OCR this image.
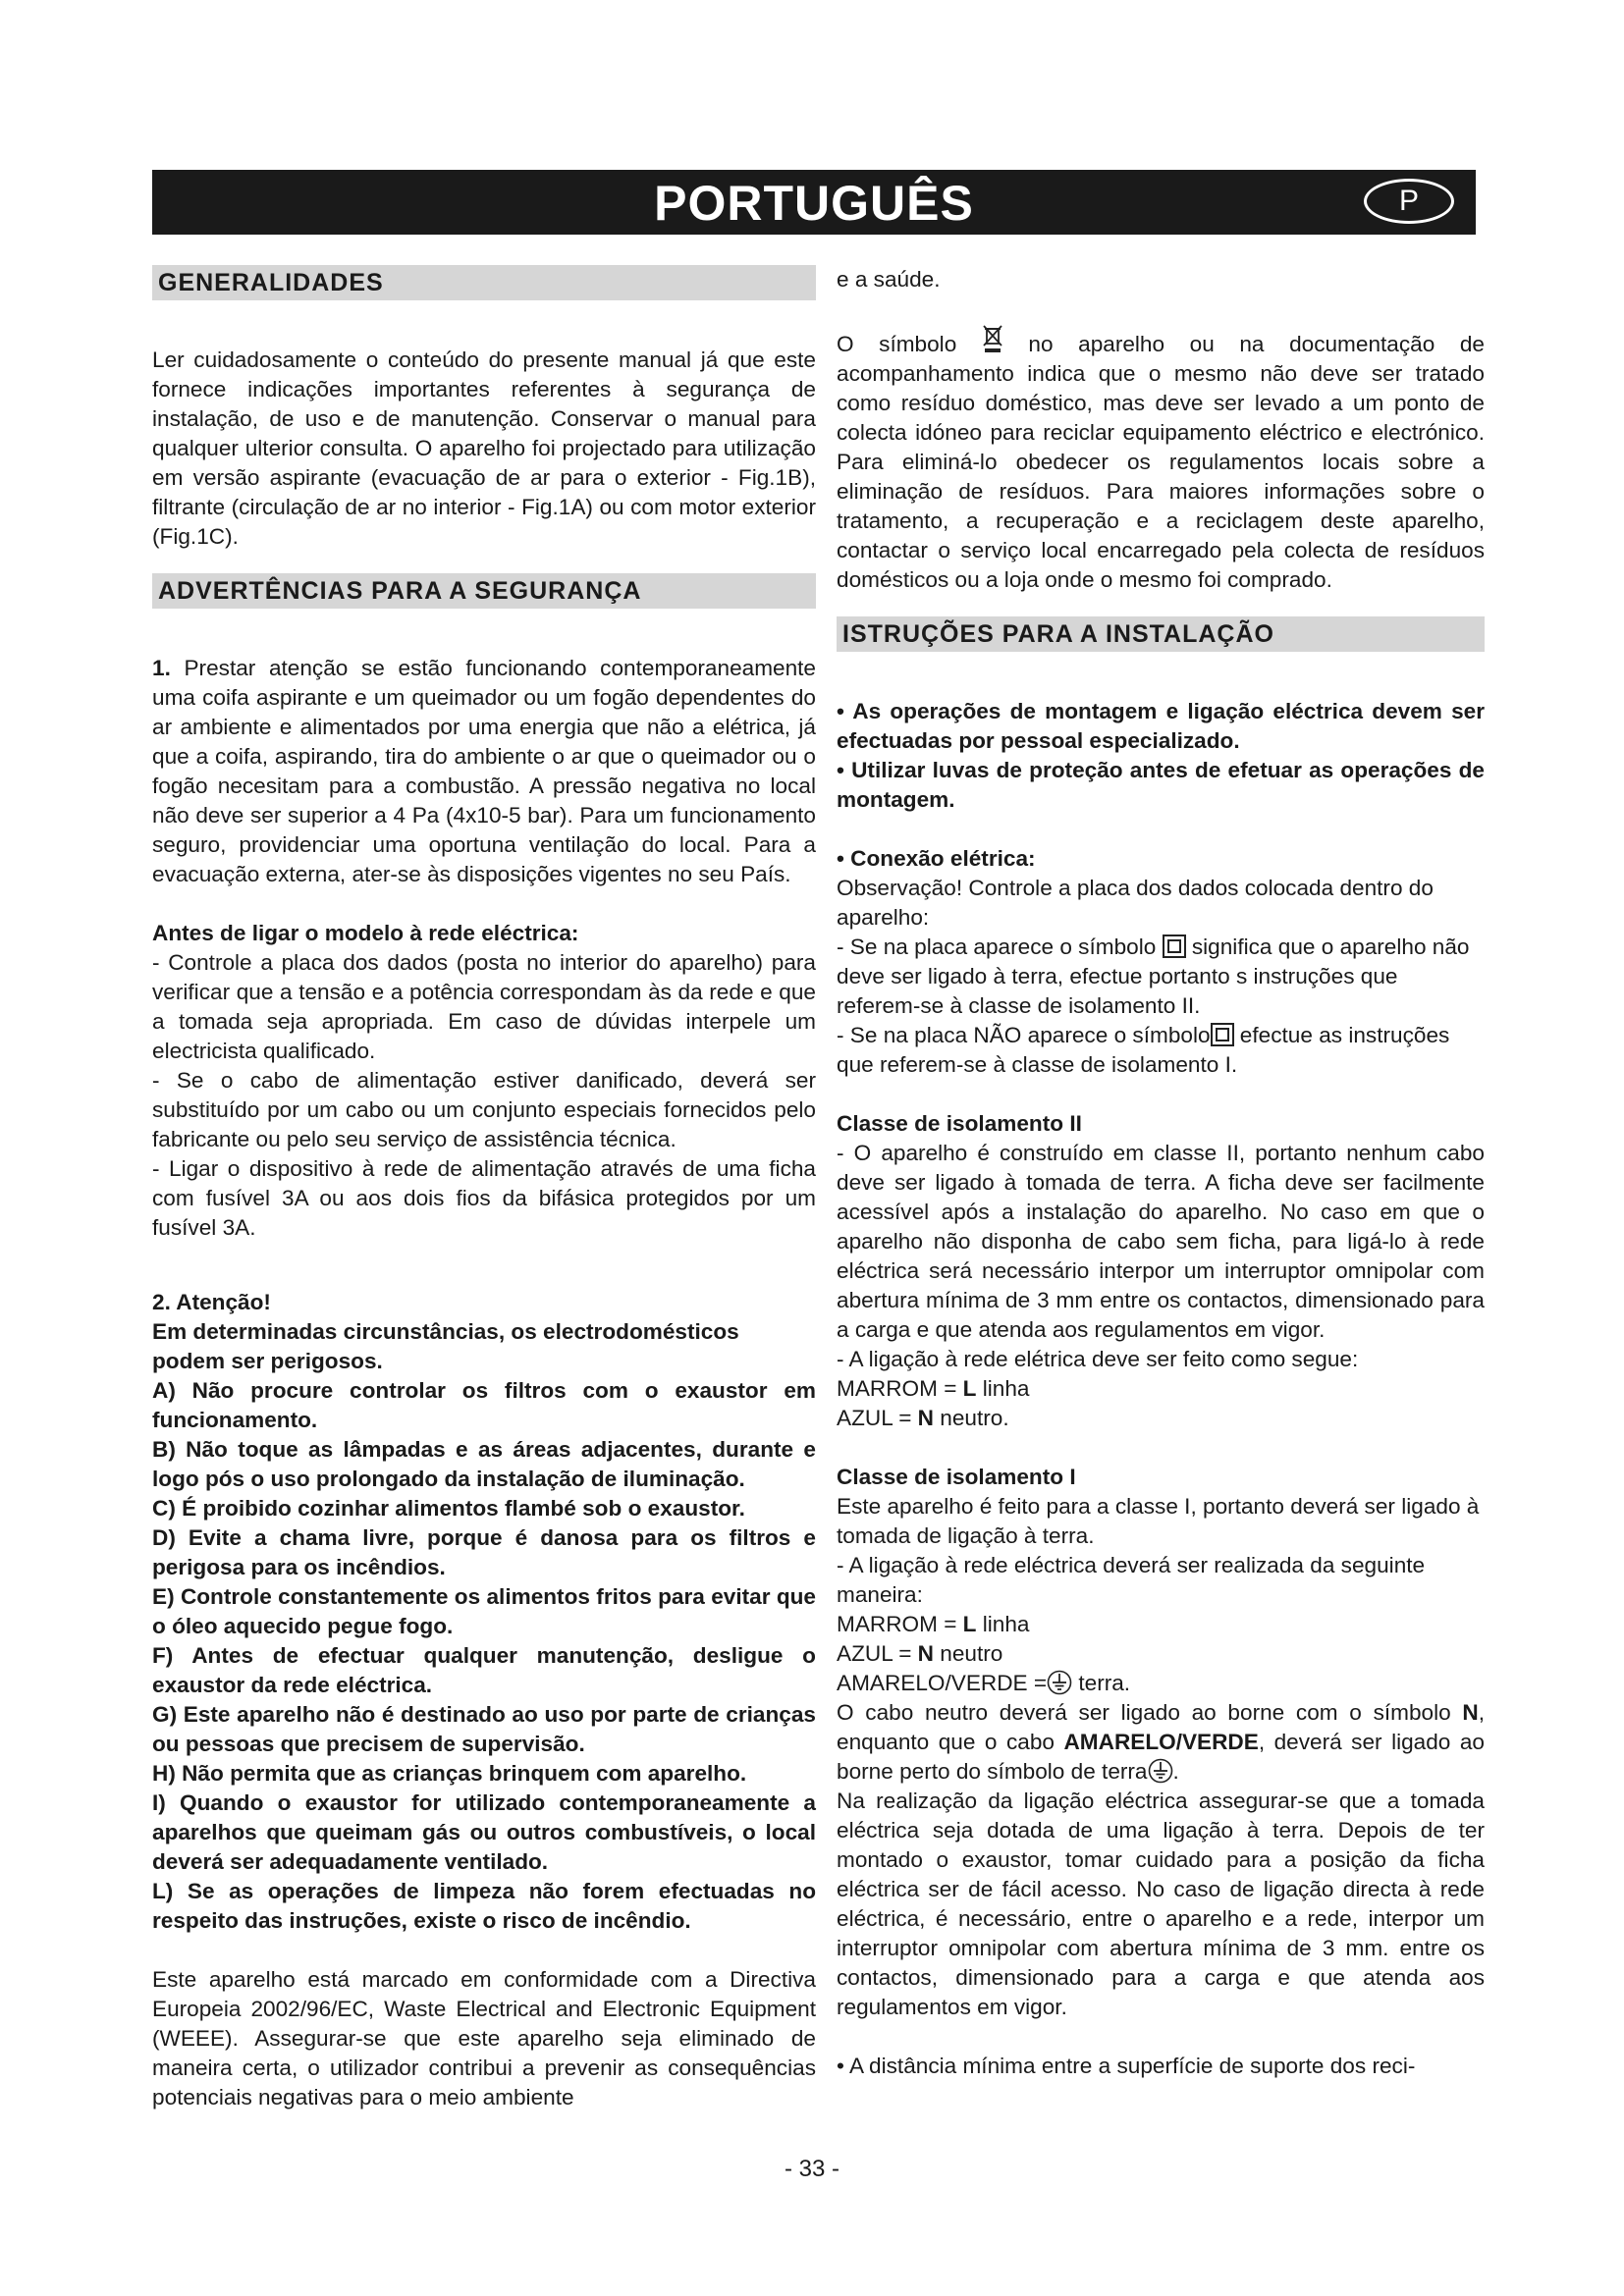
PORTUGUÊS	P
GENERALIDADES

Ler cuidadosamente o conteúdo do presente manual já que este fornece indicações importantes referentes à segurança de instalação, de uso e de manutenção. Conservar o manual para qualquer ulterior consulta. O aparelho foi projectado para utilização em versão aspirante (evacuação de ar para o exterior - Fig.1B), filtrante (circulação de ar no interior - Fig.1A) ou com motor exterior (Fig.1C).

ADVERTÊNCIAS PARA A SEGURANÇA

1. Prestar atenção se estão funcionando contemporaneamente uma coifa aspirante e um queimador ou um fogão dependentes do ar ambiente e alimentados por uma energia que não a elétrica, já que a coifa, aspirando, tira do ambiente o ar que o queimador ou o fogão necesitam para a combustão. A pressão negativa no local não deve ser superior a 4 Pa (4x10-5 bar). Para um funcionamento seguro, providenciar uma oportuna ventilação do local. Para a evacuação externa, ater-se às disposições vigentes no seu País.

Antes de ligar o modelo à rede eléctrica:

- Controle a placa dos dados (posta no interior do aparelho) para verificar que a tensão e a potência correspondam às da rede e que a tomada seja apropriada. Em caso de dúvidas interpele um electricista qualificado.

- Se o cabo de alimentação estiver danificado, deverá ser substituído por um cabo ou um conjunto especiais fornecidos pelo fabricante ou pelo seu serviço de assistência técnica.

- Ligar o dispositivo à rede de alimentação através de uma ficha com fusível 3A ou aos dois fios da bifásica protegidos por um fusível 3A.

2. Atenção!

Em determinadas circunstâncias, os electrodomésticos podem ser perigosos.

A) Não procure controlar os filtros com o exaustor em funcionamento.

B) Não toque as lâmpadas e as áreas adjacentes, durante e logo pós o uso prolongado da instalação de iluminação.

C) É proibido cozinhar alimentos flambé sob o exaustor.

D) Evite a chama livre, porque é danosa para os filtros e perigosa para os incêndios.

E) Controle constantemente os alimentos fritos para evitar que o óleo aquecido pegue fogo.

F) Antes de efectuar qualquer manutenção, desligue o exaustor da rede eléctrica.

G) Este aparelho não é destinado ao uso por parte de crianças ou pessoas que precisem de supervisão.

H) Não permita que as crianças brinquem com aparelho.

I) Quando o exaustor for utilizado contemporaneamente a aparelhos que queimam gás ou outros combustíveis, o local deverá ser adequadamente ventilado.

L) Se as operações de limpeza não forem efectuadas no respeito das instruções, existe o risco de incêndio.

Este aparelho está marcado em conformidade com a Directiva Europeia 2002/96/EC, Waste Electrical and Electronic Equipment (WEEE). Assegurar-se que este aparelho seja eliminado de maneira certa, o utilizador contribui a prevenir as consequências potenciais negativas para o meio ambiente

e a saúde.

O símbolo  no aparelho ou na documentação de acompanhamento indica que o mesmo não deve ser tratado como resíduo doméstico, mas deve ser levado a um ponto de colecta idóneo para reciclar equipamento eléctrico e electrónico. Para eliminá-lo obedecer os regulamentos locais sobre a eliminação de resíduos. Para maiores informações sobre o tratamento, a recuperação e a reciclagem deste aparelho, contactar o serviço local encarregado pela colecta de resíduos domésticos ou a loja onde o mesmo foi comprado.

ISTRUÇÕES PARA A INSTALAÇÃO

• As operações de montagem e ligação eléctrica devem ser efectuadas por pessoal especializado.

• Utilizar luvas de proteção antes de efetuar as operações de montagem.

• Conexão elétrica:

Observação! Controle a placa dos dados colocada dentro do aparelho:

- Se na placa aparece o símbolo  significa que o aparelho não deve ser ligado à terra, efectue portanto s instruções que referem-se à classe de isolamento II.

- Se na placa NÃO aparece o símbolo efectue as instruções que referem-se à classe de isolamento I.

Classe de isolamento II

- O aparelho é construído em classe II, portanto nenhum cabo deve ser ligado à tomada de terra. A ficha deve ser facilmente acessível após a instalação do aparelho. No caso em que o aparelho não disponha de cabo sem ficha, para ligá-lo à rede eléctrica será necessário interpor um interruptor omnipolar com abertura mínima de 3 mm entre os contactos, dimensionado para a carga e que atenda aos regulamentos em vigor.

- A ligação à rede elétrica deve ser feito como segue:

MARROM = L linha

AZUL = N neutro.

Classe de isolamento I

Este aparelho é feito para a classe I, portanto deverá ser ligado à tomada de ligação à terra.

- A ligação à rede eléctrica deverá ser realizada da seguinte maneira:

MARROM = L linha

AZUL = N neutro

AMARELO/VERDE = terra.

O cabo neutro deverá ser ligado ao borne com o símbolo N, enquanto que o cabo AMARELO/VERDE, deverá ser ligado ao borne perto do símbolo de terra .

Na realização da ligação eléctrica assegurar-se que a tomada eléctrica seja dotada de uma ligação à terra. Depois de ter montado o exaustor, tomar cuidado para a posição da ficha eléctrica ser de fácil acesso. No caso de ligação directa à rede eléctrica, é necessário, entre o aparelho e a rede, interpor um interruptor omnipolar com abertura mínima de 3 mm. entre os contactos, dimensionado para a carga e que atenda aos regulamentos em vigor.

• A distância mínima entre a superfície de suporte dos reci-

- 33 -
